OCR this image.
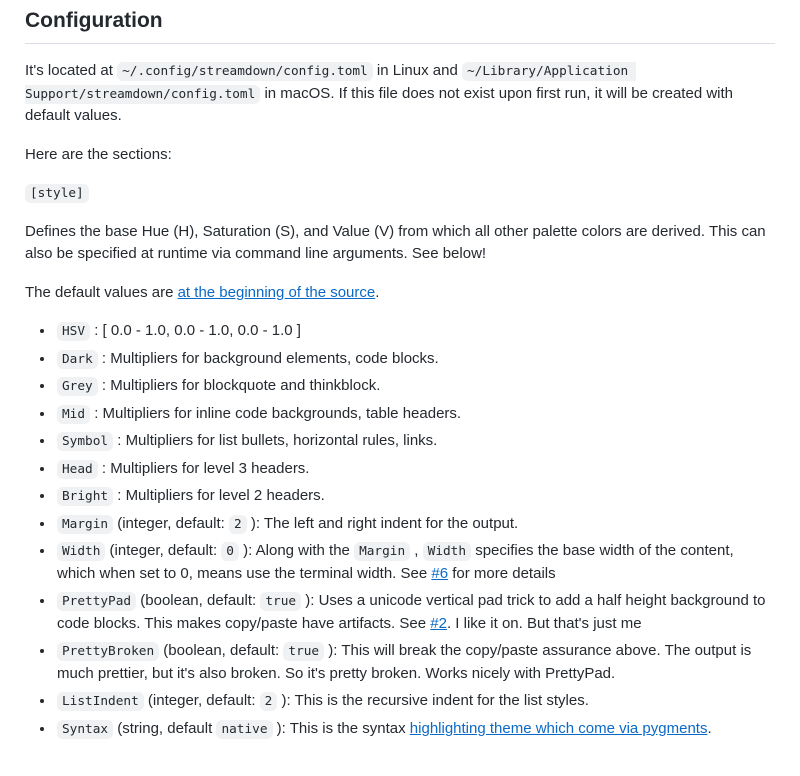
Configuration

It's located at ~/.config/streamdown/config.toml in Linux and ~/Library/Application Support/streamdown/config.toml in macOS. If this file does not exist upon first run, it will be created with default values.

Here are the sections:

[style]

Defines the base Hue (H), Saturation (S), and Value (V) from which all other palette colors are derived. This can also be specified at runtime via command line arguments. See below!

The default values are at the beginning of the source.

• HSV : [ 0.0 - 1.0, 0.0 - 1.0, 0.0 - 1.0 ]
• Dark : Multipliers for background elements, code blocks.
• Grey : Multipliers for blockquote and thinkblock.
• Mid : Multipliers for inline code backgrounds, table headers.
• Symbol : Multipliers for list bullets, horizontal rules, links.
• Head : Multipliers for level 3 headers.
• Bright : Multipliers for level 2 headers.
• Margin (integer, default: 2 ): The left and right indent for the output.
• Width (integer, default: 0 ): Along with the Margin , Width specifies the base width of the content, which when set to 0, means use the terminal width. See #6 for more details
• PrettyPad (boolean, default: true ): Uses a unicode vertical pad trick to add a half height background to code blocks. This makes copy/paste have artifacts. See #2. I like it on. But that's just me
• PrettyBroken (boolean, default: true ): This will break the copy/paste assurance above. The output is much prettier, but it's also broken. So it's pretty broken. Works nicely with PrettyPad.
• ListIndent (integer, default: 2 ): This is the recursive indent for the list styles.
• Syntax (string, default native ): This is the syntax highlighting theme which come via pygments.
